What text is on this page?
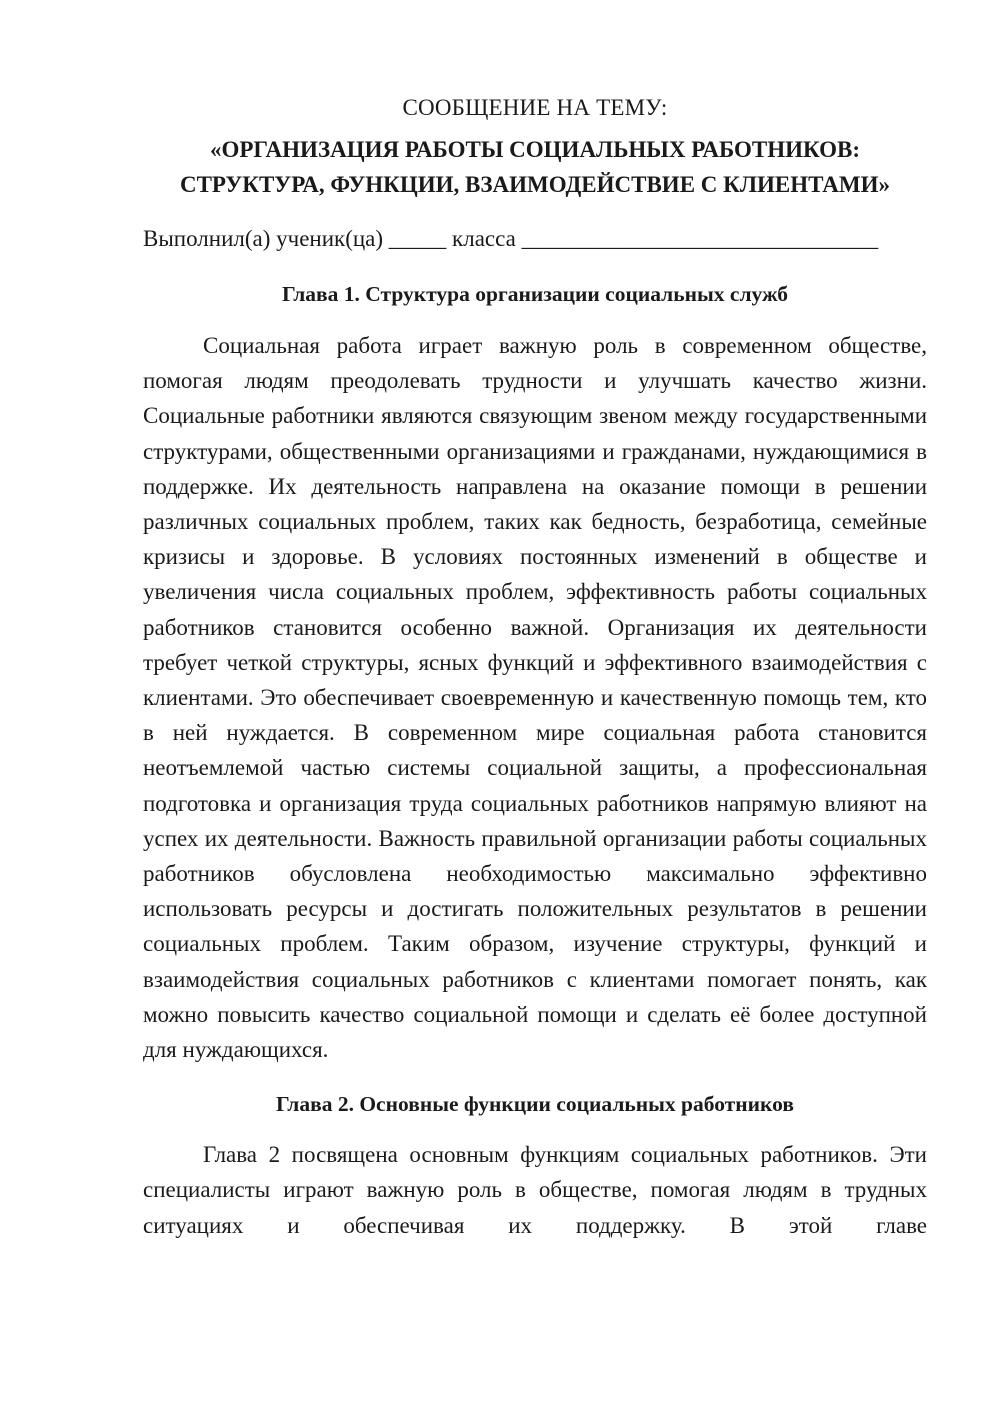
СООБЩЕНИЕ НА ТЕМУ:
«ОРГАНИЗАЦИЯ РАБОТЫ СОЦИАЛЬНЫХ РАБОТНИКОВ:
СТРУКТУРА, ФУНКЦИИ, ВЗАИМОДЕЙСТВИЕ С КЛИЕНТАМИ»
Выполнил(а) ученик(ца) _____ класса _______________________________
Глава 1. Структура организации социальных служб

Социальная работа играет важную роль в современном обществе, помогая людям преодолевать трудности и улучшать качество жизни. Социальные работники являются связующим звеном между государственными структурами, общественными организациями и гражданами, нуждающимися в поддержке. Их деятельность направлена на оказание помощи в решении различных социальных проблем, таких как бедность, безработица, семейные кризисы и здоровье. В условиях постоянных изменений в обществе и увеличения числа социальных проблем, эффективность работы социальных работников становится особенно важной. Организация их деятельности требует четкой структуры, ясных функций и эффективного взаимодействия с клиентами. Это обеспечивает своевременную и качественную помощь тем, кто в ней нуждается. В современном мире социальная работа становится неотъемлемой частью системы социальной защиты, а профессиональная подготовка и организация труда социальных работников напрямую влияют на успех их деятельности. Важность правильной организации работы социальных работников обусловлена необходимостью максимально эффективно использовать ресурсы и достигать положительных результатов в решении социальных проблем. Таким образом, изучение структуры, функций и взаимодействия социальных работников с клиентами помогает понять, как можно повысить качество социальной помощи и сделать её более доступной для нуждающихся.

Глава 2. Основные функции социальных работников

Глава 2 посвящена основным функциям социальных работников. Эти специалисты играют важную роль в обществе, помогая людям в трудных ситуациях и обеспечивая их поддержку. В этой главе
